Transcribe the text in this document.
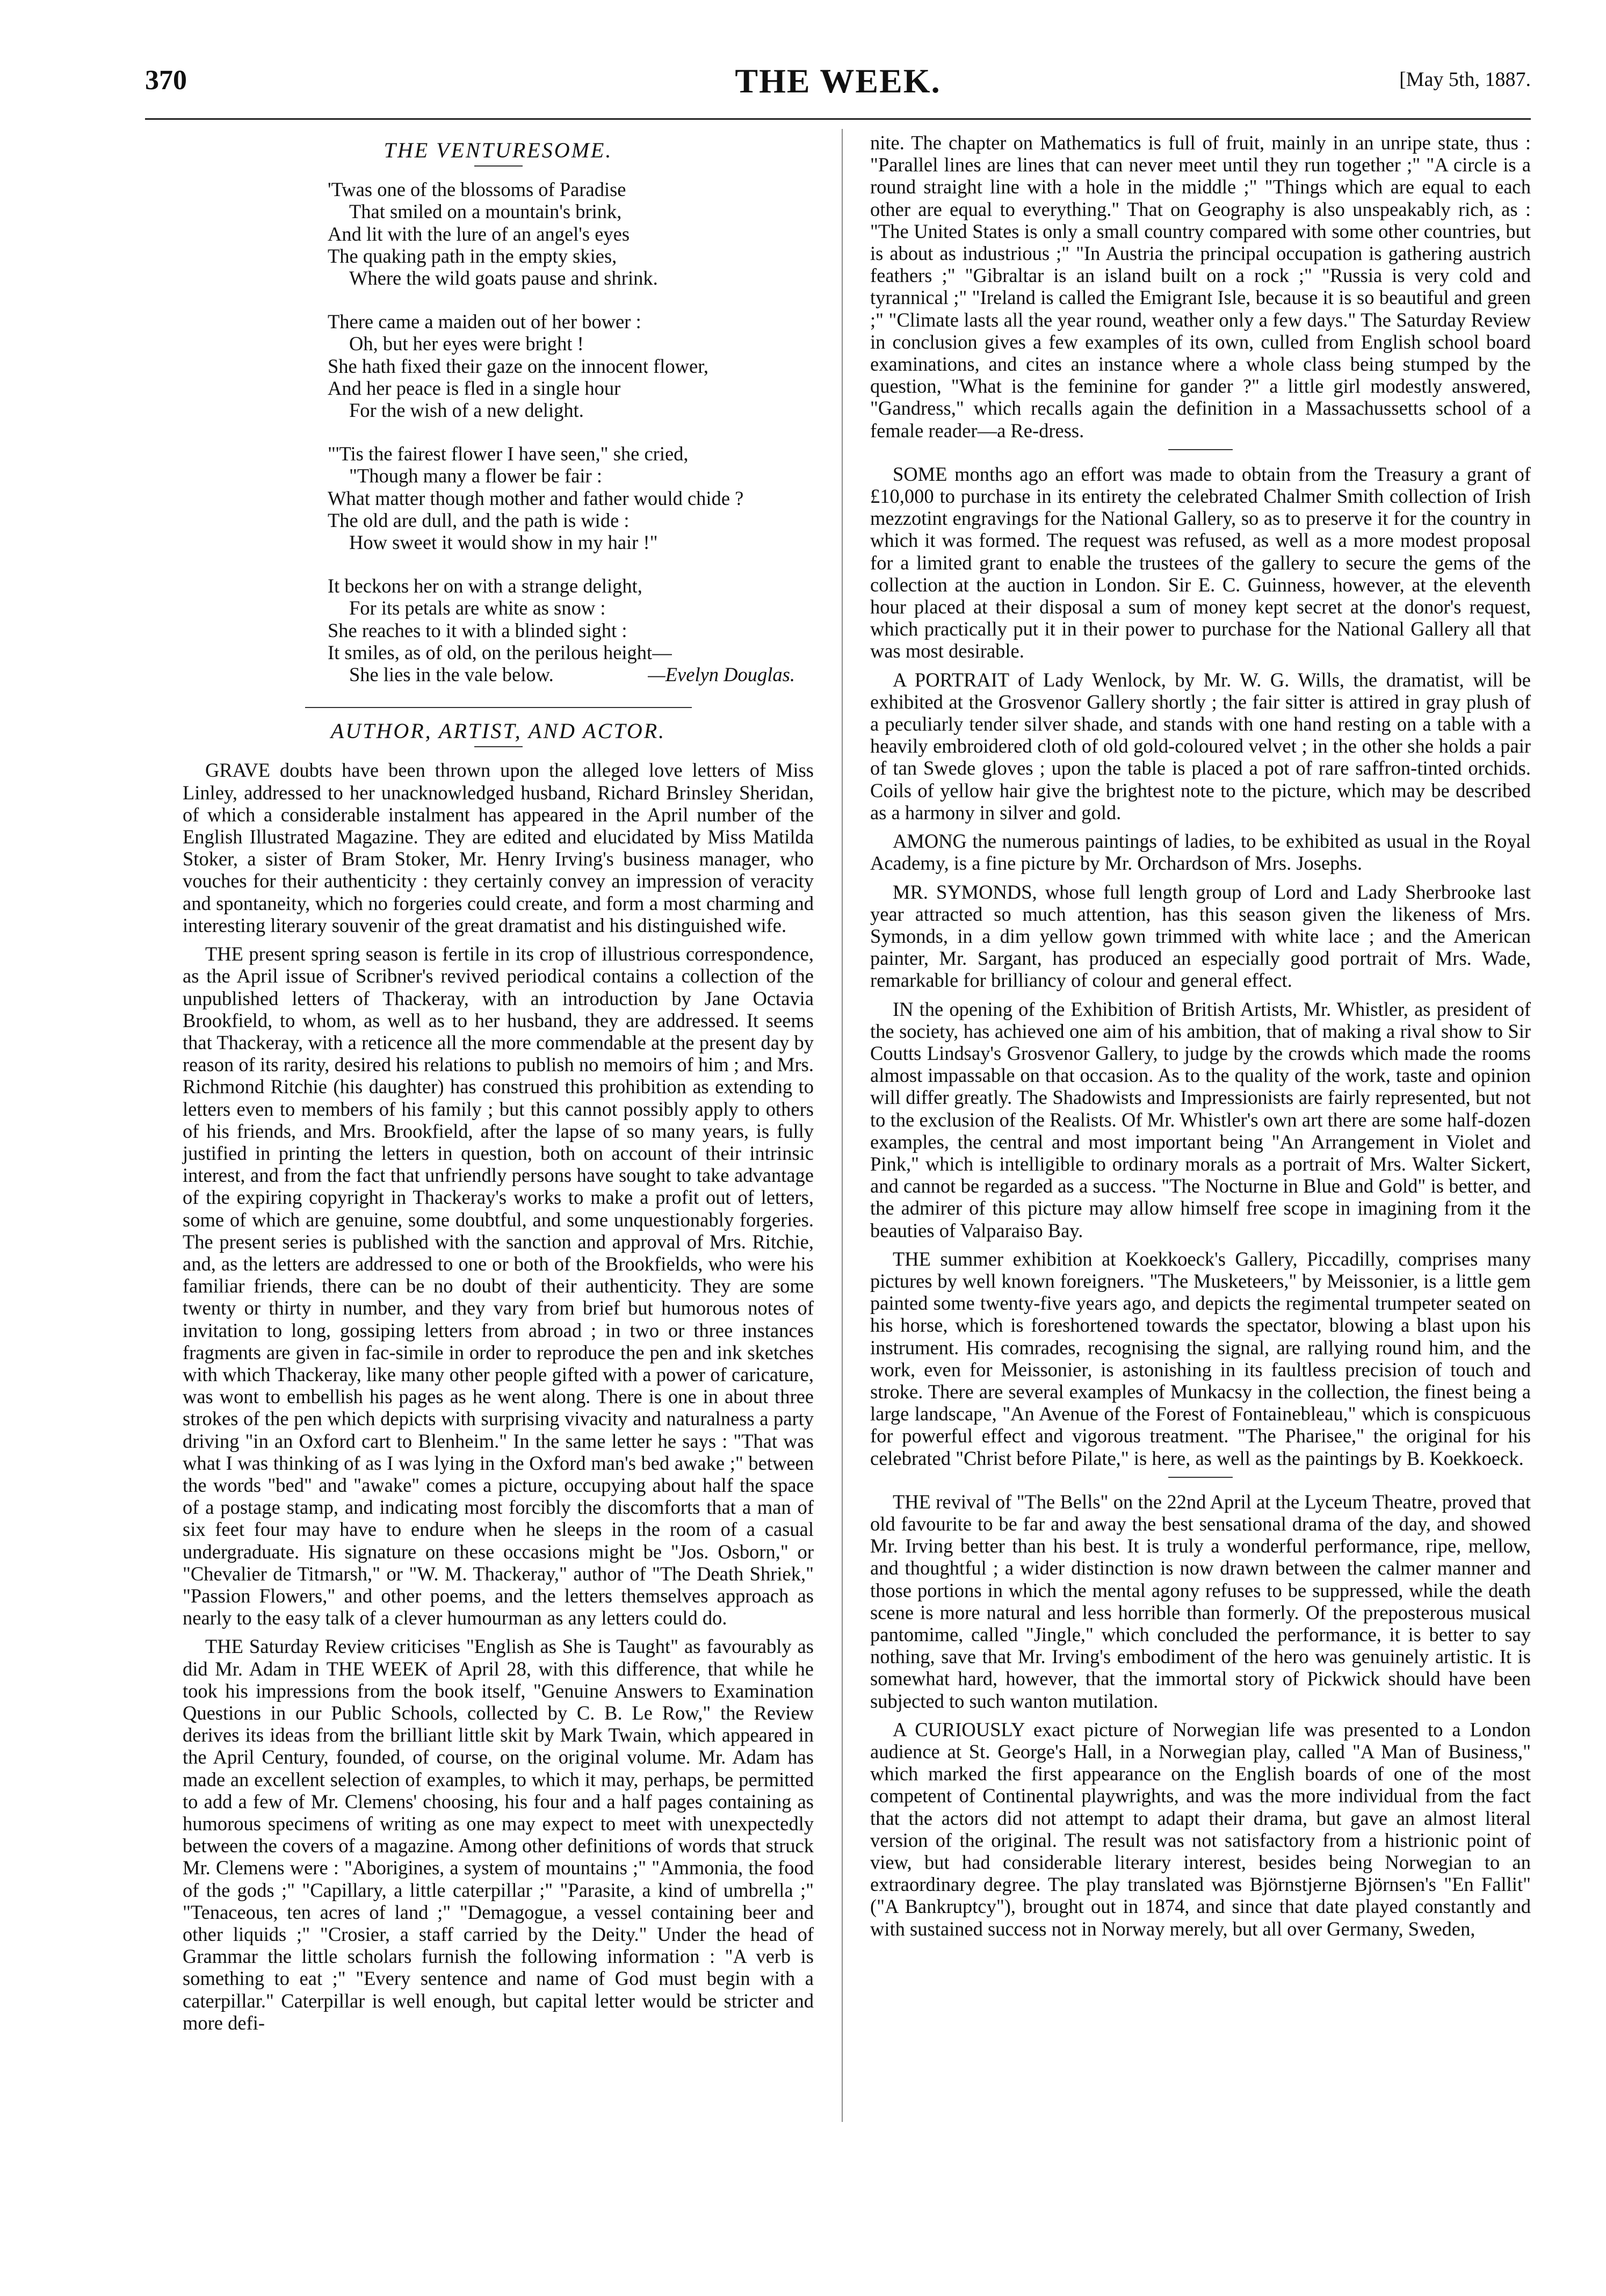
370	THE WEEK.	[May 5th, 1887.
THE VENTURESOME.
'Twas one of the blossoms of Paradise
That smiled on a mountain's brink,
And lit with the lure of an angel's eyes
The quaking path in the empty skies,
Where the wild goats pause and shrink.
There came a maiden out of her bower :
Oh, but her eyes were bright !
She hath fixed their gaze on the innocent flower,
And her peace is fled in a single hour
For the wish of a new delight.
"'Tis the fairest flower I have seen," she cried,
"Though many a flower be fair :
What matter though mother and father would chide ?
The old are dull, and the path is wide :
How sweet it would show in my hair !"
It beckons her on with a strange delight,
For its petals are white as snow :
She reaches to it with a blinded sight :
It smiles, as of old, on the perilous height—
She lies in the vale below.	—Evelyn Douglas.
AUTHOR, ARTIST, AND ACTOR.

GRAVE doubts have been thrown upon the alleged love letters of Miss Linley, addressed to her unacknowledged husband, Richard Brinsley Sheridan, of which a considerable instalment has appeared in the April number of the English Illustrated Magazine. They are edited and elucidated by Miss Matilda Stoker, a sister of Bram Stoker, Mr. Henry Irving's business manager, who vouches for their authenticity : they certainly convey an impression of veracity and spontaneity, which no forgeries could create, and form a most charming and interesting literary souvenir of the great dramatist and his distinguished wife.

THE present spring season is fertile in its crop of illustrious correspondence, as the April issue of Scribner's revived periodical contains a collection of the unpublished letters of Thackeray, with an introduction by Jane Octavia Brookfield, to whom, as well as to her husband, they are addressed. It seems that Thackeray, with a reticence all the more commendable at the present day by reason of its rarity, desired his relations to publish no memoirs of him ; and Mrs. Richmond Ritchie (his daughter) has construed this prohibition as extending to letters even to members of his family ; but this cannot possibly apply to others of his friends, and Mrs. Brookfield, after the lapse of so many years, is fully justified in printing the letters in question, both on account of their intrinsic interest, and from the fact that unfriendly persons have sought to take advantage of the expiring copyright in Thackeray's works to make a profit out of letters, some of which are genuine, some doubtful, and some unquestionably forgeries. The present series is published with the sanction and approval of Mrs. Ritchie, and, as the letters are addressed to one or both of the Brookfields, who were his familiar friends, there can be no doubt of their authenticity. They are some twenty or thirty in number, and they vary from brief but humorous notes of invitation to long, gossiping letters from abroad ; in two or three instances fragments are given in fac-simile in order to reproduce the pen and ink sketches with which Thackeray, like many other people gifted with a power of caricature, was wont to embellish his pages as he went along. There is one in about three strokes of the pen which depicts with surprising vivacity and naturalness a party driving "in an Oxford cart to Blenheim." In the same letter he says : "That was what I was thinking of as I was lying in the Oxford man's bed awake ;" between the words "bed" and "awake" comes a picture, occupying about half the space of a postage stamp, and indicating most forcibly the discomforts that a man of six feet four may have to endure when he sleeps in the room of a casual undergraduate. His signature on these occasions might be "Jos. Osborn," or "Chevalier de Titmarsh," or "W. M. Thackeray," author of "The Death Shriek," "Passion Flowers," and other poems, and the letters themselves approach as nearly to the easy talk of a clever humourman as any letters could do.

THE Saturday Review criticises "English as She is Taught" as favourably as did Mr. Adam in THE WEEK of April 28, with this difference, that while he took his impressions from the book itself, "Genuine Answers to Examination Questions in our Public Schools, collected by C. B. Le Row," the Review derives its ideas from the brilliant little skit by Mark Twain, which appeared in the April Century, founded, of course, on the original volume. Mr. Adam has made an excellent selection of examples, to which it may, perhaps, be permitted to add a few of Mr. Clemens' choosing, his four and a half pages containing as humorous specimens of writing as one may expect to meet with unexpectedly between the covers of a magazine. Among other definitions of words that struck Mr. Clemens were : "Aborigines, a system of mountains ;" "Ammonia, the food of the gods ;" "Capillary, a little caterpillar ;" "Parasite, a kind of umbrella ;" "Tenaceous, ten acres of land ;" "Demagogue, a vessel containing beer and other liquids ;" "Crosier, a staff carried by the Deity." Under the head of Grammar the little scholars furnish the following information : "A verb is something to eat ;" "Every sentence and name of God must begin with a caterpillar." Caterpillar is well enough, but capital letter would be stricter and more defi-

nite. The chapter on Mathematics is full of fruit, mainly in an unripe state, thus : "Parallel lines are lines that can never meet until they run together ;" "A circle is a round straight line with a hole in the middle ;" "Things which are equal to each other are equal to everything." That on Geography is also unspeakably rich, as : "The United States is only a small country compared with some other countries, but is about as industrious ;" "In Austria the principal occupation is gathering austrich feathers ;" "Gibraltar is an island built on a rock ;" "Russia is very cold and tyrannical ;" "Ireland is called the Emigrant Isle, because it is so beautiful and green ;" "Climate lasts all the year round, weather only a few days." The Saturday Review in conclusion gives a few examples of its own, culled from English school board examinations, and cites an instance where a whole class being stumped by the question, "What is the feminine for gander ?" a little girl modestly answered, "Gandress," which recalls again the definition in a Massachussetts school of a female reader—a Re-dress.

SOME months ago an effort was made to obtain from the Treasury a grant of £10,000 to purchase in its entirety the celebrated Chalmer Smith collection of Irish mezzotint engravings for the National Gallery, so as to preserve it for the country in which it was formed. The request was refused, as well as a more modest proposal for a limited grant to enable the trustees of the gallery to secure the gems of the collection at the auction in London. Sir E. C. Guinness, however, at the eleventh hour placed at their disposal a sum of money kept secret at the donor's request, which practically put it in their power to purchase for the National Gallery all that was most desirable.

A PORTRAIT of Lady Wenlock, by Mr. W. G. Wills, the dramatist, will be exhibited at the Grosvenor Gallery shortly ; the fair sitter is attired in gray plush of a peculiarly tender silver shade, and stands with one hand resting on a table with a heavily embroidered cloth of old gold-coloured velvet ; in the other she holds a pair of tan Swede gloves ; upon the table is placed a pot of rare saffron-tinted orchids. Coils of yellow hair give the brightest note to the picture, which may be described as a harmony in silver and gold.

AMONG the numerous paintings of ladies, to be exhibited as usual in the Royal Academy, is a fine picture by Mr. Orchardson of Mrs. Josephs.

MR. SYMONDS, whose full length group of Lord and Lady Sherbrooke last year attracted so much attention, has this season given the likeness of Mrs. Symonds, in a dim yellow gown trimmed with white lace ; and the American painter, Mr. Sargant, has produced an especially good portrait of Mrs. Wade, remarkable for brilliancy of colour and general effect.

IN the opening of the Exhibition of British Artists, Mr. Whistler, as president of the society, has achieved one aim of his ambition, that of making a rival show to Sir Coutts Lindsay's Grosvenor Gallery, to judge by the crowds which made the rooms almost impassable on that occasion. As to the quality of the work, taste and opinion will differ greatly. The Shadowists and Impressionists are fairly represented, but not to the exclusion of the Realists. Of Mr. Whistler's own art there are some half-dozen examples, the central and most important being "An Arrangement in Violet and Pink," which is intelligible to ordinary morals as a portrait of Mrs. Walter Sickert, and cannot be regarded as a success. "The Nocturne in Blue and Gold" is better, and the admirer of this picture may allow himself free scope in imagining from it the beauties of Valparaiso Bay.

THE summer exhibition at Koekkoeck's Gallery, Piccadilly, comprises many pictures by well known foreigners. "The Musketeers," by Meissonier, is a little gem painted some twenty-five years ago, and depicts the regimental trumpeter seated on his horse, which is foreshortened towards the spectator, blowing a blast upon his instrument. His comrades, recognising the signal, are rallying round him, and the work, even for Meissonier, is astonishing in its faultless precision of touch and stroke. There are several examples of Munkacsy in the collection, the finest being a large landscape, "An Avenue of the Forest of Fontainebleau," which is conspicuous for powerful effect and vigorous treatment. "The Pharisee," the original for his celebrated "Christ before Pilate," is here, as well as the paintings by B. Koekkoeck.

THE revival of "The Bells" on the 22nd April at the Lyceum Theatre, proved that old favourite to be far and away the best sensational drama of the day, and showed Mr. Irving better than his best. It is truly a wonderful performance, ripe, mellow, and thoughtful ; a wider distinction is now drawn between the calmer manner and those portions in which the mental agony refuses to be suppressed, while the death scene is more natural and less horrible than formerly. Of the preposterous musical pantomime, called "Jingle," which concluded the performance, it is better to say nothing, save that Mr. Irving's embodiment of the hero was genuinely artistic. It is somewhat hard, however, that the immortal story of Pickwick should have been subjected to such wanton mutilation.

A CURIOUSLY exact picture of Norwegian life was presented to a London audience at St. George's Hall, in a Norwegian play, called "A Man of Business," which marked the first appearance on the English boards of one of the most competent of Continental playwrights, and was the more individual from the fact that the actors did not attempt to adapt their drama, but gave an almost literal version of the original. The result was not satisfactory from a histrionic point of view, but had considerable literary interest, besides being Norwegian to an extraordinary degree. The play translated was Björnstjerne Björnsen's "En Fallit" ("A Bankruptcy"), brought out in 1874, and since that date played constantly and with sustained success not in Norway merely, but all over Germany, Sweden,
